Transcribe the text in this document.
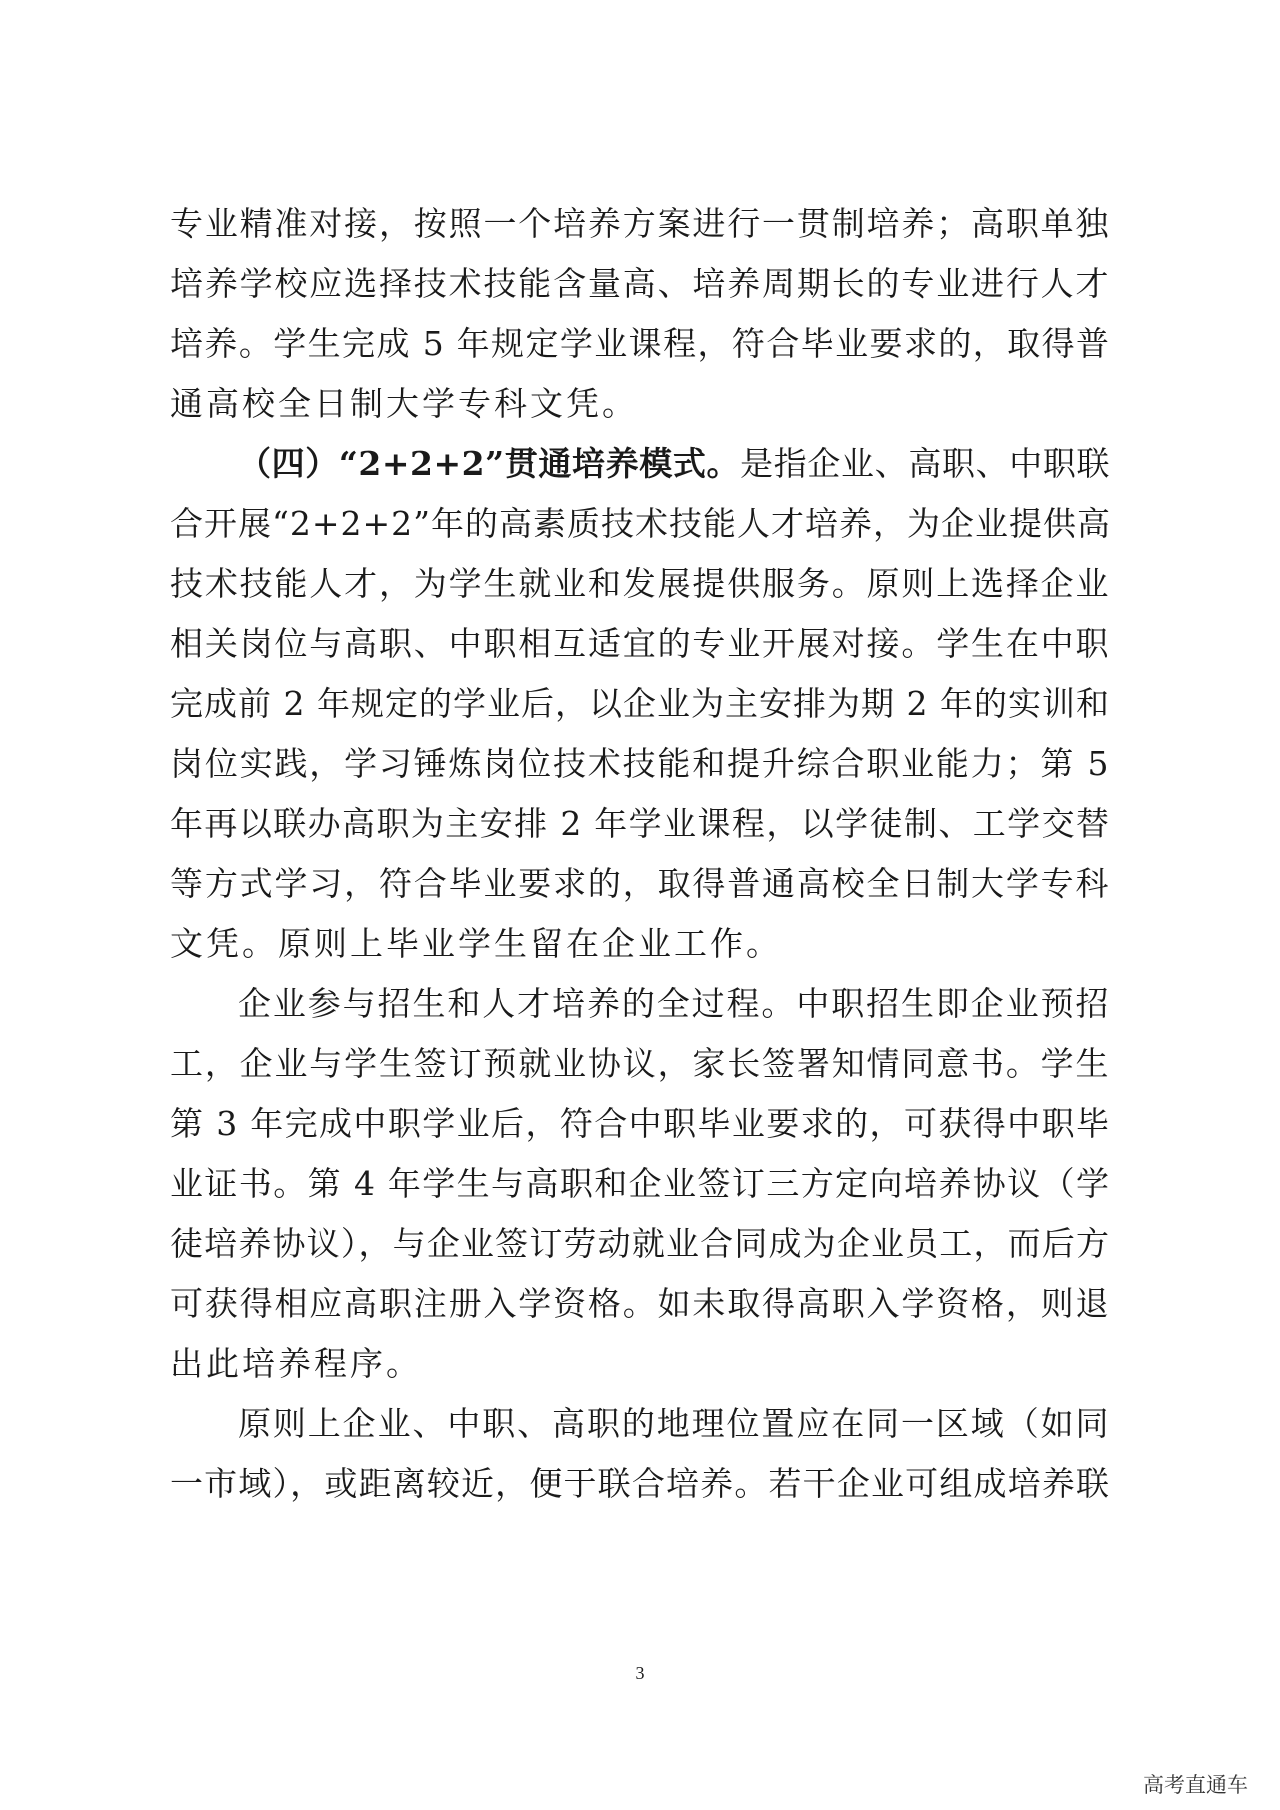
专业精准对接，按照一个培养方案进行一贯制培养；高职单独
培养学校应选择技术技能含量高、培养周期长的专业进行人才
培养。学生完成 5 年规定学业课程，符合毕业要求的，取得普
通高校全日制大学专科文凭。
（四）“2+2+2”贯通培养模式。是指企业、高职、中职联
合开展“2+2+2”年的高素质技术技能人才培养，为企业提供高
技术技能人才，为学生就业和发展提供服务。原则上选择企业
相关岗位与高职、中职相互适宜的专业开展对接。学生在中职
完成前 2 年规定的学业后，以企业为主安排为期 2 年的实训和
岗位实践，学习锤炼岗位技术技能和提升综合职业能力；第 5
年再以联办高职为主安排 2 年学业课程，以学徒制、工学交替
等方式学习，符合毕业要求的，取得普通高校全日制大学专科
文凭。原则上毕业学生留在企业工作。
企业参与招生和人才培养的全过程。中职招生即企业预招
工，企业与学生签订预就业协议，家长签署知情同意书。学生
第 3 年完成中职学业后，符合中职毕业要求的，可获得中职毕
业证书。第 4 年学生与高职和企业签订三方定向培养协议（学
徒培养协议），与企业签订劳动就业合同成为企业员工，而后方
可获得相应高职注册入学资格。如未取得高职入学资格，则退
出此培养程序。
原则上企业、中职、高职的地理位置应在同一区域（如同
一市域），或距离较近，便于联合培养。若干企业可组成培养联
3
高考直通车
